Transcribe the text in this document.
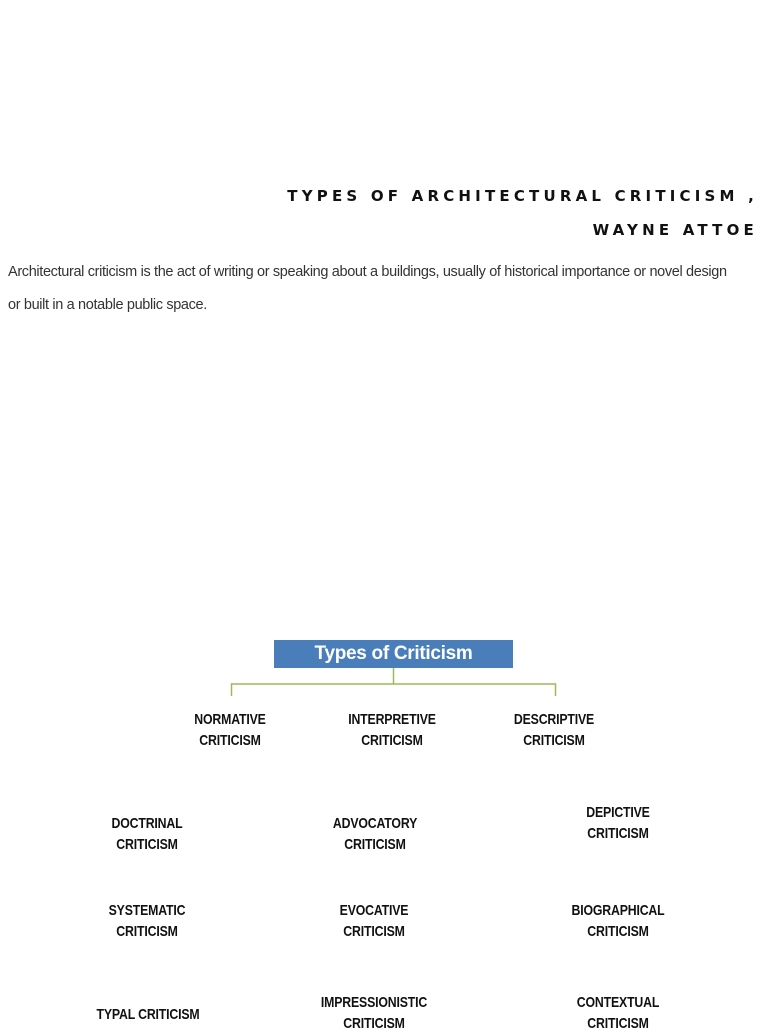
TYPES OF ARCHITECTURAL CRITICISM ,
WAYNE ATTOE
Architectural criticism is the act of writing or speaking about a buildings, usually of historical importance or novel design
or built in a notable public space.
Types of Criticism
NORMATIVE
CRITICISM
INTERPRETIVE
CRITICISM
DESCRIPTIVE
CRITICISM
DOCTRINAL
CRITICISM
ADVOCATORY
CRITICISM
DEPICTIVE
CRITICISM
SYSTEMATIC
CRITICISM
EVOCATIVE
CRITICISM
BIOGRAPHICAL
CRITICISM
TYPAL CRITICISM
IMPRESSIONISTIC
CRITICISM
CONTEXTUAL
CRITICISM
